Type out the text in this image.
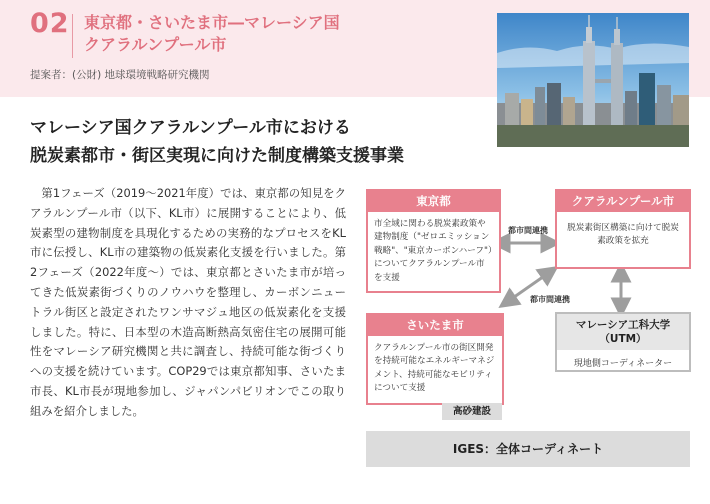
02 東京都・さいたま市―マレーシア国
クアラルンプール市
提案者：(公財) 地球環境戦略研究機関
マレーシア国クアラルンプール市における
脱炭素都市・街区実現に向けた制度構築支援事業

第1フェーズ（2019～2021年度）では、東京都の知見をクアラルンプール市（以下、KL市）に展開することにより、低炭素型の建物制度を具現化するための実務的なプロセスをKL市に伝授し、KL市の建築物の低炭素化支援を行いました。第2フェーズ（2022年度～）では、東京都とさいたま市が培ってきた低炭素街づくりのノウハウを整理し、カーボンニュートラル街区と設定されたワンサマジュ地区の低炭素化を支援しました。特に、日本型の木造高断熱高気密住宅の展開可能性をマレーシア研究機関と共に調査し、持続可能な街づくりへの支援を続けています。COP29では東京都知事、さいたま市長、KL市長が現地参加し、ジャパンパビリオンでこの取り組みを紹介しました。

東京都
市全域に関わる脱炭素政策や建物制度（"ゼロエミッション戦略"、"東京カーボンハーフ"）についてクアラルンプール市を支援
クアラルンプール市
脱炭素街区構築に向けて脱炭素政策を拡充
さいたま市
クアラルンプール市の街区開発を持続可能なエネルギーマネジメント、持続可能なモビリティについて支援
マレーシア工科大学
（UTM）
現地側コーディネーター
高砂建設
都市間連携
都市間連携
IGES：全体コーディネート
